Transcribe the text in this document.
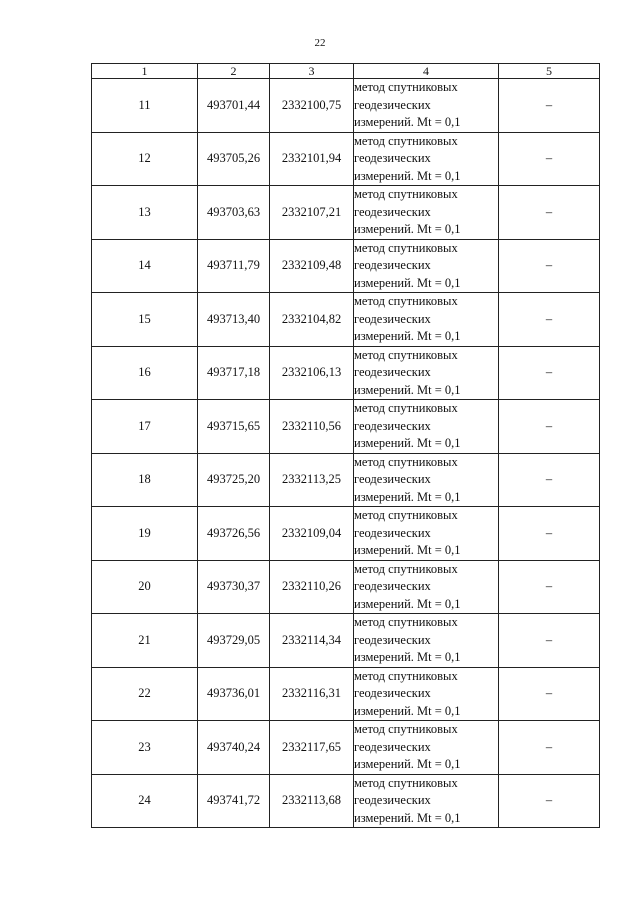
22
1	2	3	4	5
11	493701,44	2332100,75	метод спутниковых
геодезических
измерений. Mt = 0,1	–
12	493705,26	2332101,94	метод спутниковых
геодезических
измерений. Mt = 0,1	–
13	493703,63	2332107,21	метод спутниковых
геодезических
измерений. Mt = 0,1	–
14	493711,79	2332109,48	метод спутниковых
геодезических
измерений. Mt = 0,1	–
15	493713,40	2332104,82	метод спутниковых
геодезических
измерений. Mt = 0,1	–
16	493717,18	2332106,13	метод спутниковых
геодезических
измерений. Mt = 0,1	–
17	493715,65	2332110,56	метод спутниковых
геодезических
измерений. Mt = 0,1	–
18	493725,20	2332113,25	метод спутниковых
геодезических
измерений. Mt = 0,1	–
19	493726,56	2332109,04	метод спутниковых
геодезических
измерений. Mt = 0,1	–
20	493730,37	2332110,26	метод спутниковых
геодезических
измерений. Mt = 0,1	–
21	493729,05	2332114,34	метод спутниковых
геодезических
измерений. Mt = 0,1	–
22	493736,01	2332116,31	метод спутниковых
геодезических
измерений. Mt = 0,1	–
23	493740,24	2332117,65	метод спутниковых
геодезических
измерений. Mt = 0,1	–
24	493741,72	2332113,68	метод спутниковых
геодезических
измерений. Mt = 0,1	–
